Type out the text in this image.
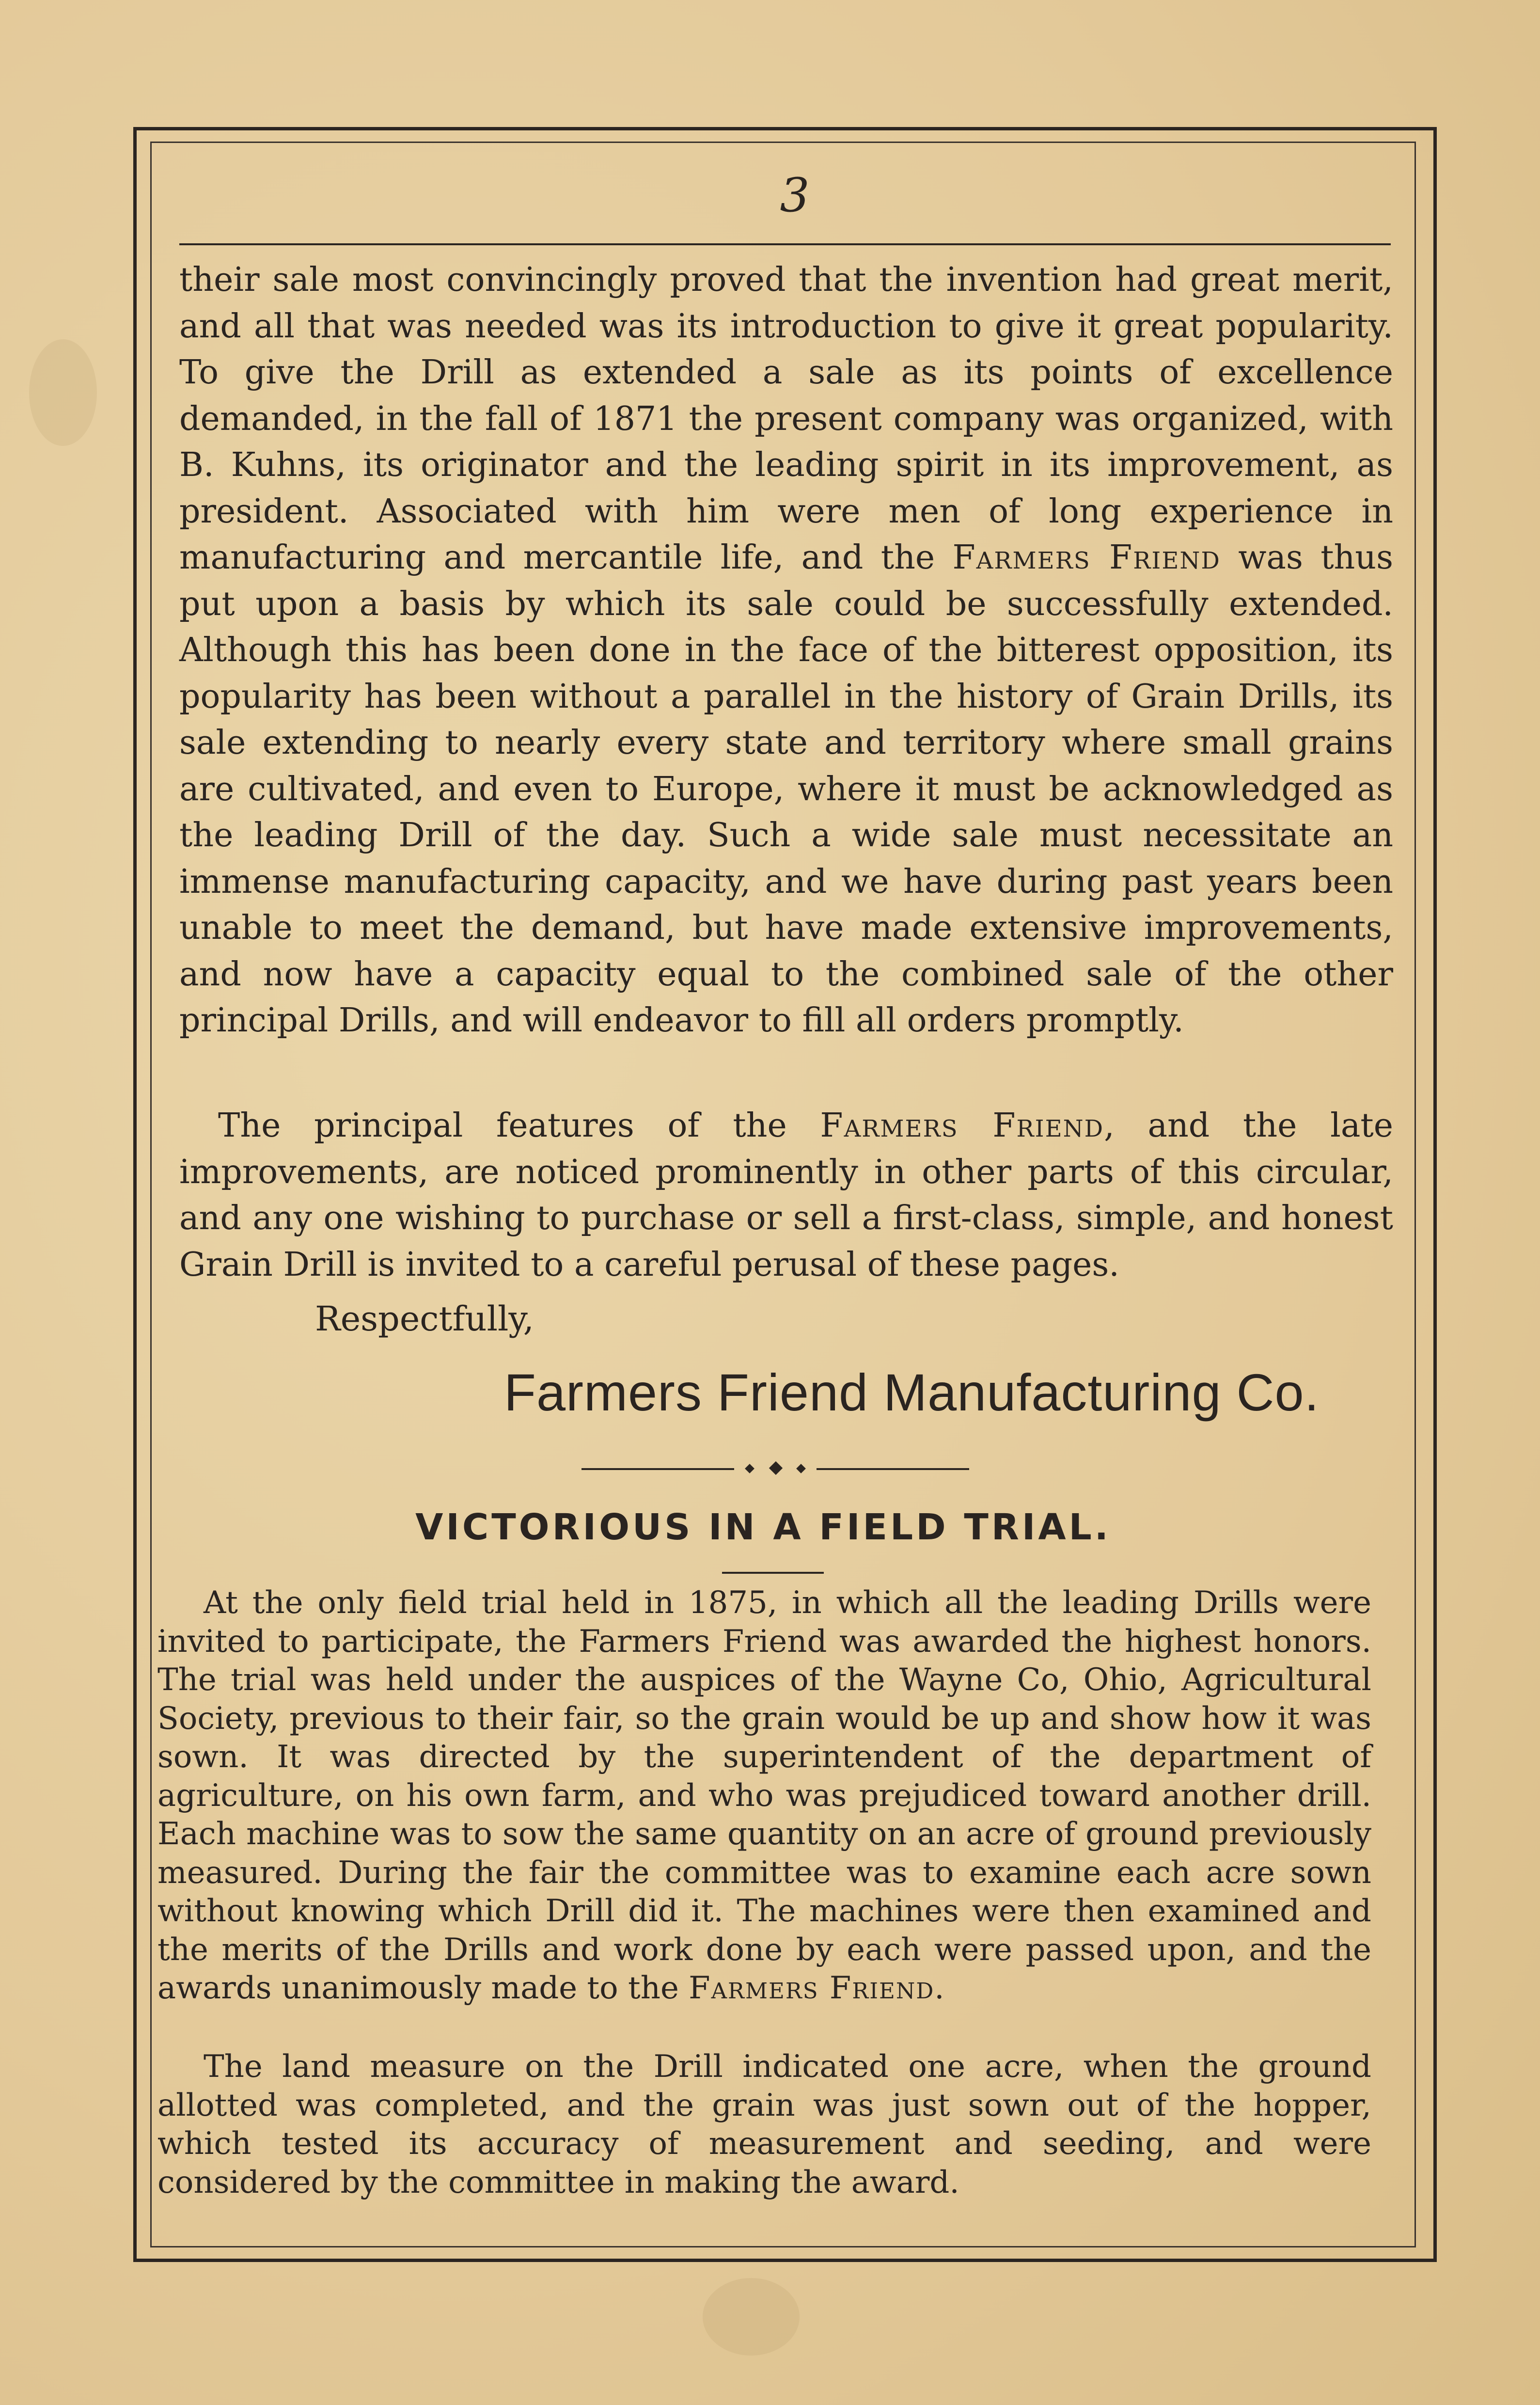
3

their sale most convincingly proved that the invention had great merit, and all that was needed was its introduction to give it great popularity. To give the Drill as extended a sale as its points of excellence demanded, in the fall of 1871 the present company was organized, with B. Kuhns, its originator and the leading spirit in its improvement, as president. Associated with him were men of long experience in manufacturing and mercantile life, and the Farmers Friend was thus put upon a basis by which its sale could be successfully extended. Although this has been done in the face of the bitterest opposition, its popularity has been without a parallel in the history of Grain Drills, its sale extending to nearly every state and territory where small grains are cultivated, and even to Europe, where it must be acknowledged as the leading Drill of the day. Such a wide sale must necessitate an immense manufacturing capacity, and we have during past years been unable to meet the demand, but have made extensive improvements, and now have a capacity equal to the combined sale of the other principal Drills, and will endeavor to fill all orders promptly.

The principal features of the Farmers Friend, and the late improvements, are noticed prominently in other parts of this circular, and any one wishing to purchase or sell a first-class, simple, and honest Grain Drill is invited to a careful perusal of these pages.

Respectfully,
Farmers Friend Manufacturing Co.
VICTORIOUS IN A FIELD TRIAL.

At the only field trial held in 1875, in which all the leading Drills were invited to participate, the Farmers Friend was awarded the highest honors. The trial was held under the auspices of the Wayne Co, Ohio, Agricultural Society, previous to their fair, so the grain would be up and show how it was sown. It was directed by the superintendent of the department of agriculture, on his own farm, and who was prejudiced toward another drill. Each machine was to sow the same quantity on an acre of ground previously measured. During the fair the committee was to examine each acre sown without knowing which Drill did it. The machines were then examined and the merits of the Drills and work done by each were passed upon, and the awards unanimously made to the Farmers Friend.

The land measure on the Drill indicated one acre, when the ground allotted was completed, and the grain was just sown out of the hopper, which tested its accuracy of measurement and seeding, and were considered by the committee in making the award.
